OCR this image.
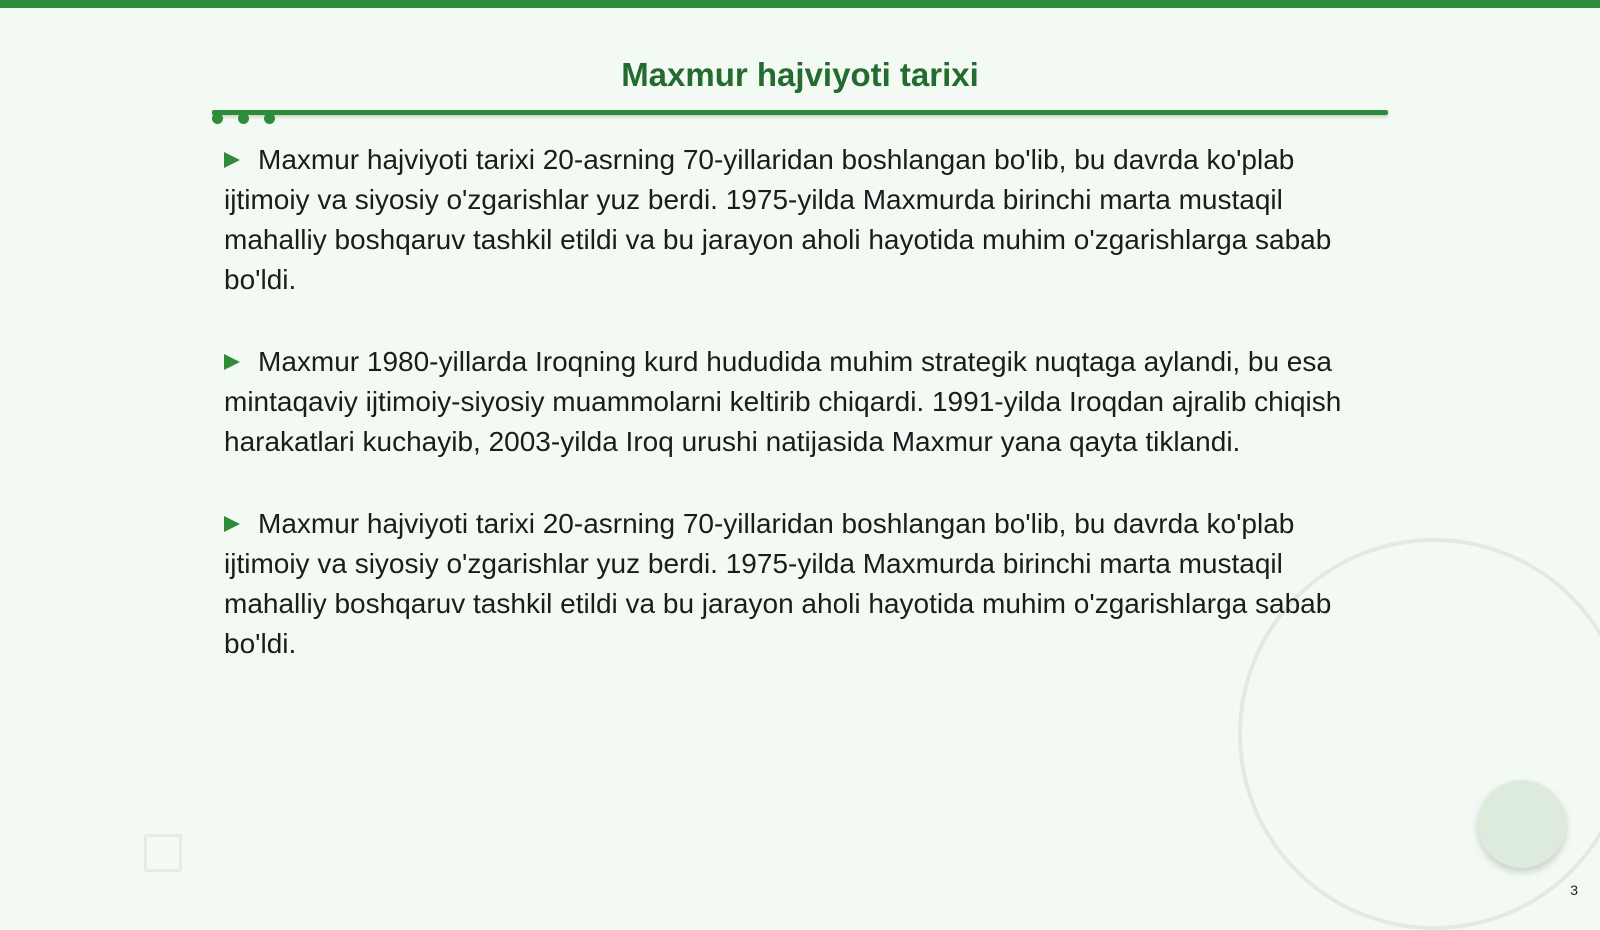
Maxmur hajviyoti tarixi

Maxmur hajviyoti tarixi 20-asrning 70-yillaridan boshlangan bo'lib, bu davrda ko'plab ijtimoiy va siyosiy o'zgarishlar yuz berdi. 1975-yilda Maxmurda birinchi marta mustaqil mahalliy boshqaruv tashkil etildi va bu jarayon aholi hayotida muhim o'zgarishlarga sabab bo'ldi.

Maxmur 1980-yillarda Iroqning kurd hududida muhim strategik nuqtaga aylandi, bu esa mintaqaviy ijtimoiy-siyosiy muammolarni keltirib chiqardi. 1991-yilda Iroqdan ajralib chiqish harakatlari kuchayib, 2003-yilda Iroq urushi natijasida Maxmur yana qayta tiklandi.

Maxmur hajviyoti tarixi 20-asrning 70-yillaridan boshlangan bo'lib, bu davrda ko'plab ijtimoiy va siyosiy o'zgarishlar yuz berdi. 1975-yilda Maxmurda birinchi marta mustaqil mahalliy boshqaruv tashkil etildi va bu jarayon aholi hayotida muhim o'zgarishlarga sabab bo'ldi.

3
